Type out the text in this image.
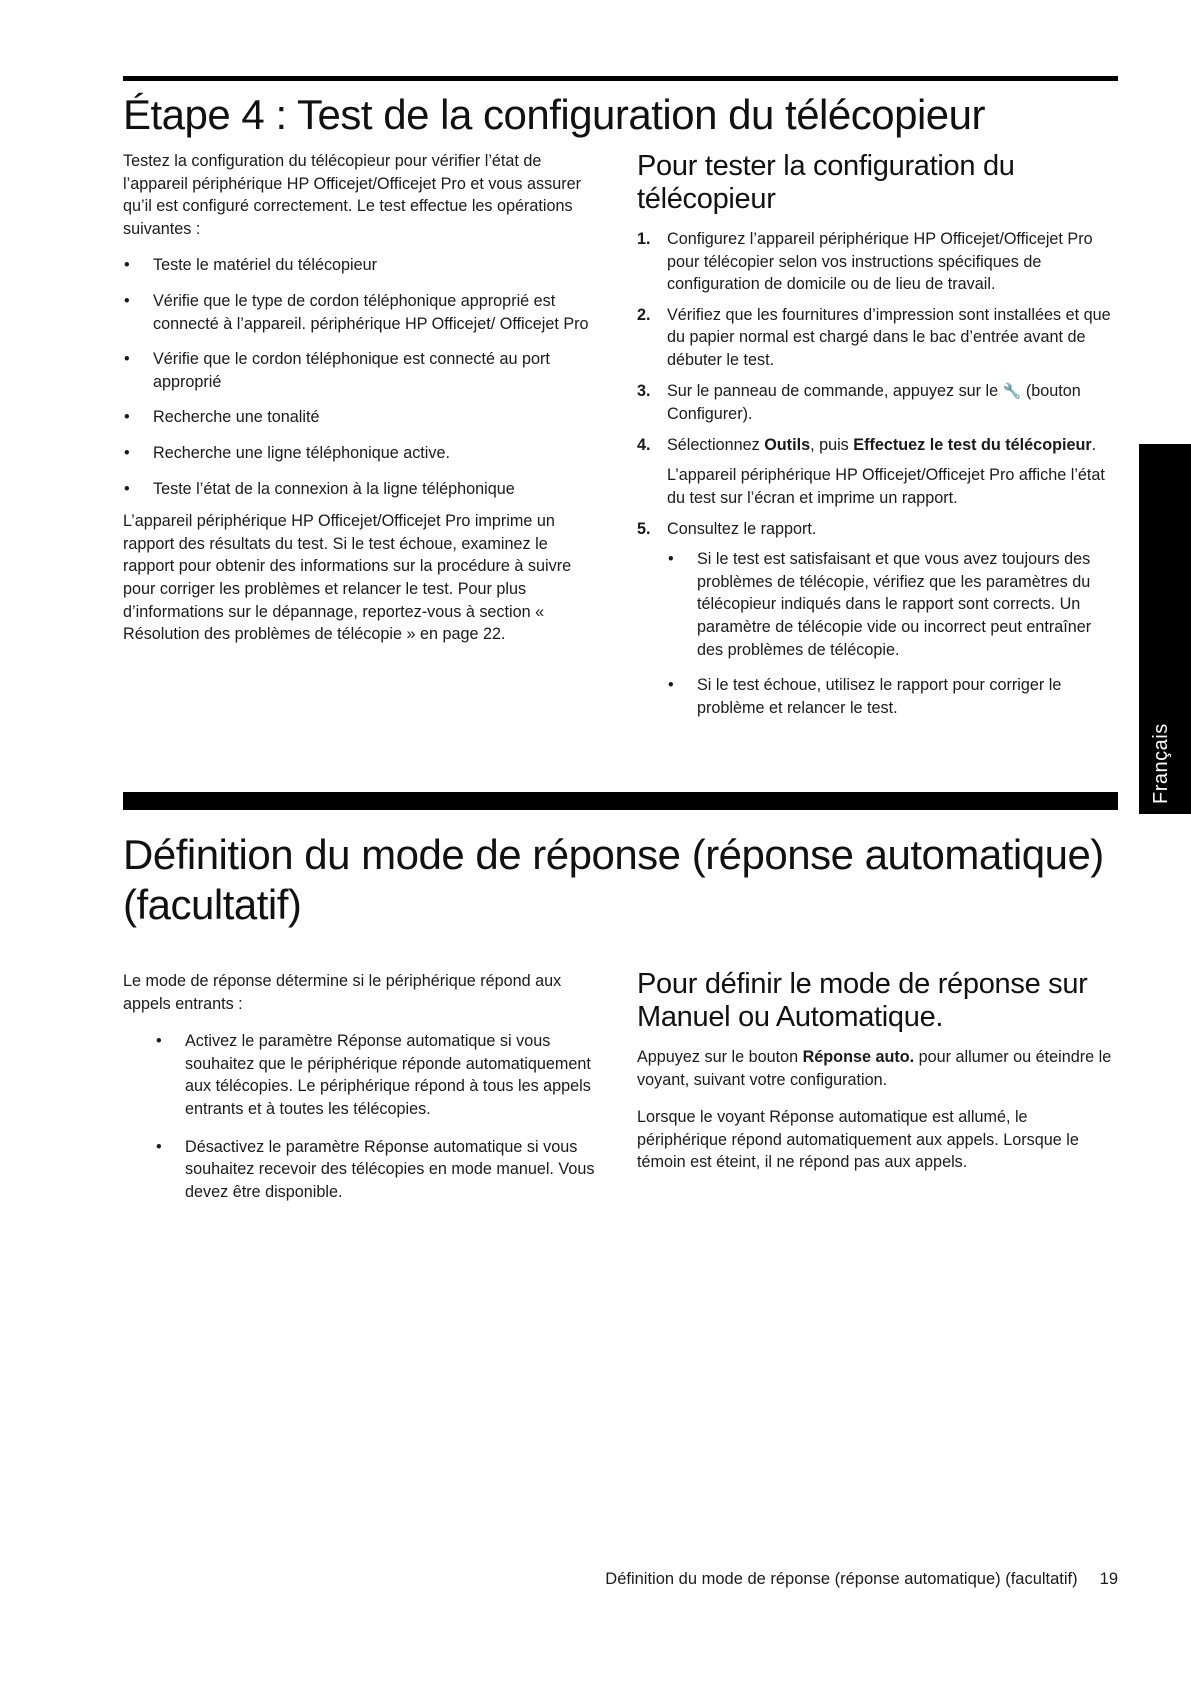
Étape 4 : Test de la configuration du télécopieur

Testez la configuration du télécopieur pour vérifier l’état de l’appareil périphérique HP Officejet/Officejet Pro et vous assurer qu’il est configuré correctement. Le test effectue les opérations suivantes :

• Teste le matériel du télécopieur
• Vérifie que le type de cordon téléphonique approprié est connecté à l’appareil. périphérique HP Officejet/ Officejet Pro
• Vérifie que le cordon téléphonique est connecté au port approprié
• Recherche une tonalité
• Recherche une ligne téléphonique active.
• Teste l’état de la connexion à la ligne téléphonique

L’appareil périphérique HP Officejet/Officejet Pro imprime un rapport des résultats du test. Si le test échoue, examinez le rapport pour obtenir des informations sur la procédure à suivre pour corriger les problèmes et relancer le test. Pour plus d’informations sur le dépannage, reportez-vous à section « Résolution des problèmes de télécopie » en page 22.

Pour tester la configuration du télécopieur
1. Configurez l’appareil périphérique HP Officejet/Officejet Pro pour télécopier selon vos instructions spécifiques de configuration de domicile ou de lieu de travail.
2. Vérifiez que les fournitures d’impression sont installées et que du papier normal est chargé dans le bac d’entrée avant de débuter le test.
3. Sur le panneau de commande, appuyez sur le 🔧 (bouton Configurer).
4. Sélectionnez Outils, puis Effectuez le test du télécopieur.

L’appareil périphérique HP Officejet/Officejet Pro affiche l’état du test sur l’écran et imprime un rapport.

5. Consultez le rapport.
• Si le test est satisfaisant et que vous avez toujours des problèmes de télécopie, vérifiez que les paramètres du télécopieur indiqués dans le rapport sont corrects. Un paramètre de télécopie vide ou incorrect peut entraîner des problèmes de télécopie.
• Si le test échoue, utilisez le rapport pour corriger le problème et relancer le test.
Français
Définition du mode de réponse (réponse automatique)
(facultatif)

Le mode de réponse détermine si le périphérique répond aux appels entrants :

• Activez le paramètre Réponse automatique si vous souhaitez que le périphérique réponde automatiquement aux télécopies. Le périphérique répond à tous les appels entrants et à toutes les télécopies.
• Désactivez le paramètre Réponse automatique si vous souhaitez recevoir des télécopies en mode manuel. Vous devez être disponible.
Pour définir le mode de réponse sur Manuel ou Automatique.

Appuyez sur le bouton Réponse auto. pour allumer ou éteindre le voyant, suivant votre configuration.

Lorsque le voyant Réponse automatique est allumé, le périphérique répond automatiquement aux appels. Lorsque le témoin est éteint, il ne répond pas aux appels.

Définition du mode de réponse (réponse automatique) (facultatif) 19
